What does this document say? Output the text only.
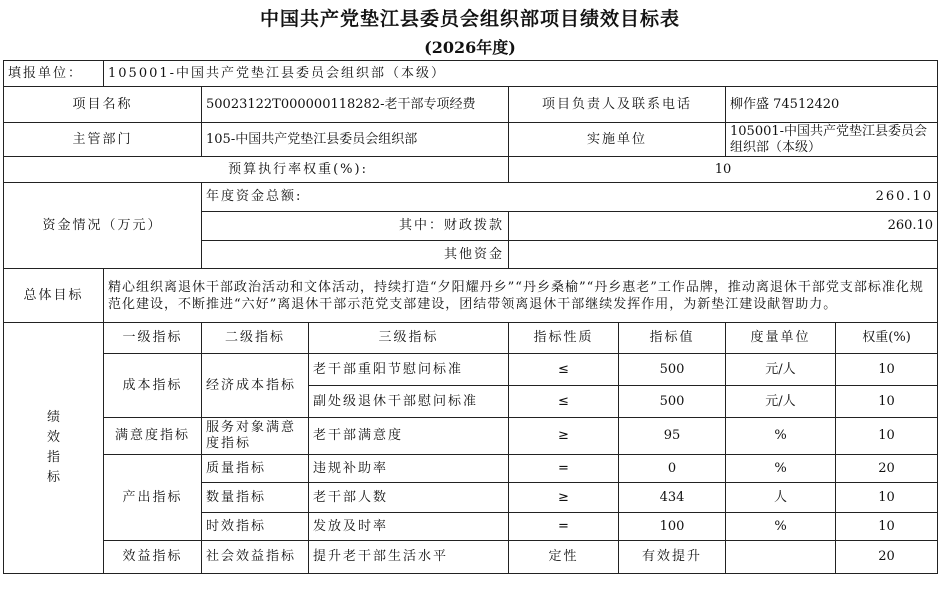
中国共产党垫江县委员会组织部项目绩效目标表
(2026年度)
填报单位：	105001-中国共产党垫江县委员会组织部（本级）						
项目名称		50023122T000000118282-老干部专项经费		项目负责人及联系电话		柳作盛 74512420	
主管部门		105-中国共产党垫江县委员会组织部		实施单位		105001-中国共产党垫江县委员会组织部（本级）	
预算执行率权重(%):				10			
资金情况（万元）		年度资金总额: 260.10					

		其中：财政拨款		260.10			
		其他资金					
总体目标	精心组织离退休干部政治活动和文体活动，持续打造“夕阳耀丹乡”“丹乡桑榆”“丹乡惠老”工作品牌，推动离退休干部党支部标准化规范化建设，不断推进“六好”离退休干部示范党支部建设，团结带领离退休干部继续发挥作用，为新垫江建设献智助力。						

绩效指标	一级指标	二级指标	三级指标	指标性质	指标值	度量单位	权重(%)
	成本指标	经济成本指标	老干部重阳节慰问标准	≤	500	元/人	10
			副处级退休干部慰问标准	≤	500	元/人	10
	满意度指标	服务对象满意度指标	老干部满意度	≥	95	%	10
	产出指标	质量指标	违规补助率	=	0	%	20
		数量指标	老干部人数	≥	434	人	10
		时效指标	发放及时率	=	100	%	10
	效益指标	社会效益指标	提升老干部生活水平	定性	有效提升		20
